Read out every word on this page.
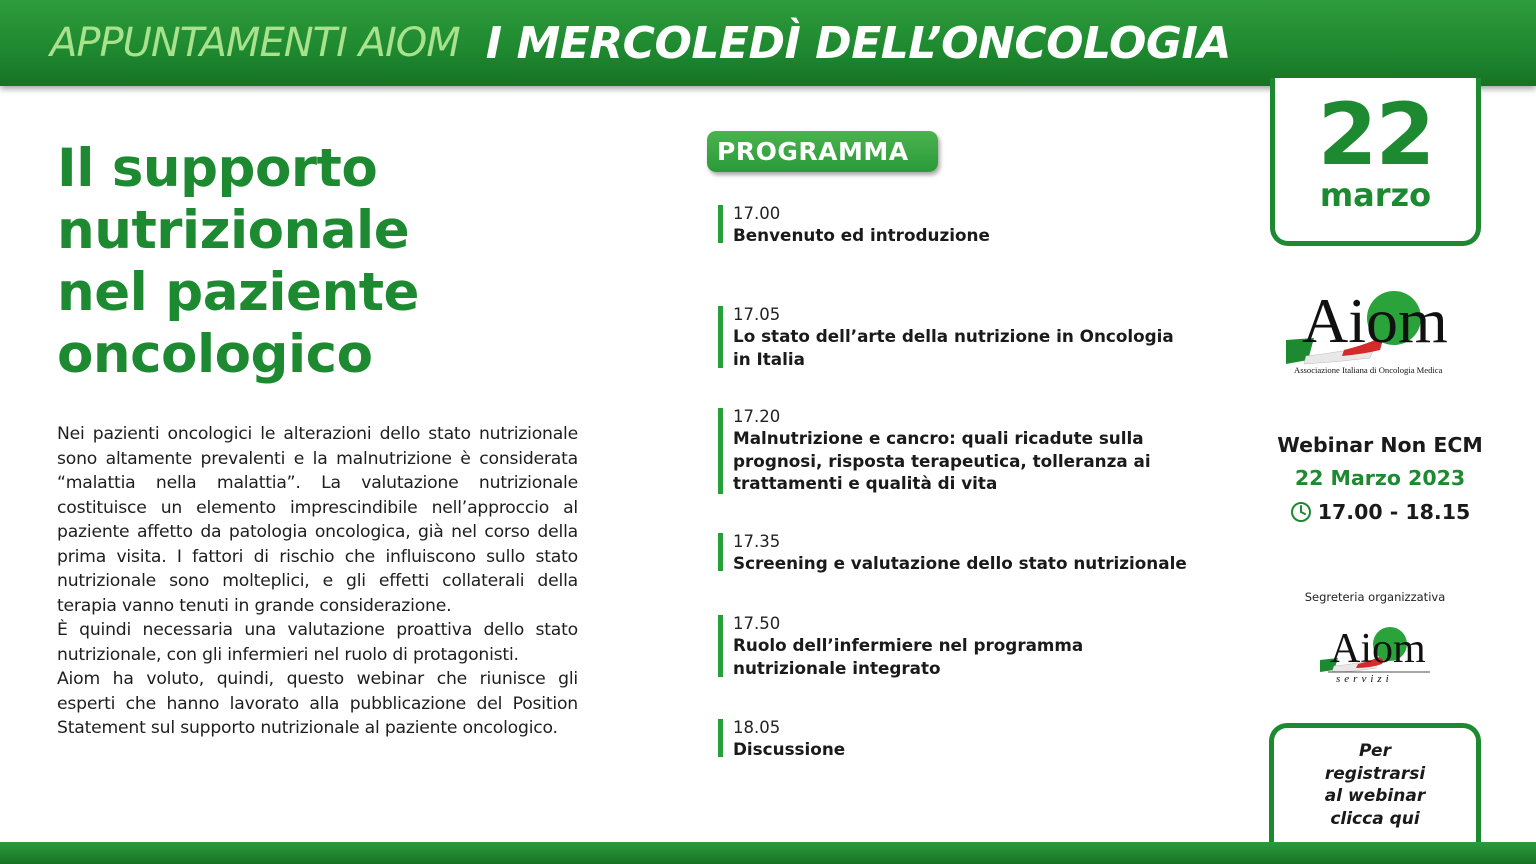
APPUNTAMENTI AIOM I MERCOLEDÌ DELL’ONCOLOGIA
Il supporto
nutrizionale
nel paziente
oncologico

Nei pazienti oncologici le alterazioni dello stato nutrizionale sono altamente prevalenti e la malnutrizione è considerata “malattia nella malattia”. La valutazione nutrizionale costituisce un elemento imprescindibile nell’approccio al paziente affetto da patologia oncologica, già nel corso della prima visita. I fattori di rischio che influiscono sullo stato nutrizionale sono molteplici, e gli effetti collaterali della terapia vanno tenuti in grande considerazione.

È quindi necessaria una valutazione proattiva dello stato nutrizionale, con gli infermieri nel ruolo di protagonisti.

Aiom ha voluto, quindi, questo webinar che riunisce gli esperti che hanno lavorato alla pubblicazione del Position Statement sul supporto nutrizionale al paziente oncologico.

PROGRAMMA
17.00
Benvenuto ed introduzione
17.05
Lo stato dell’arte della nutrizione in Oncologia in Italia
17.20
Malnutrizione e cancro: quali ricadute sulla prognosi, risposta terapeutica, tolleranza ai trattamenti e qualità di vita
17.35
Screening e valutazione dello stato nutrizionale
17.50
Ruolo dell’infermiere nel programma nutrizionale integrato
18.05
Discussione
22
marzo
Aiom
Associazione Italiana di Oncologia Medica
Webinar Non ECM
22 Marzo 2023
17.00 - 18.15
Segreteria organizzativa
Aiom
servizi
Per
registrarsi
al webinar
clicca qui
